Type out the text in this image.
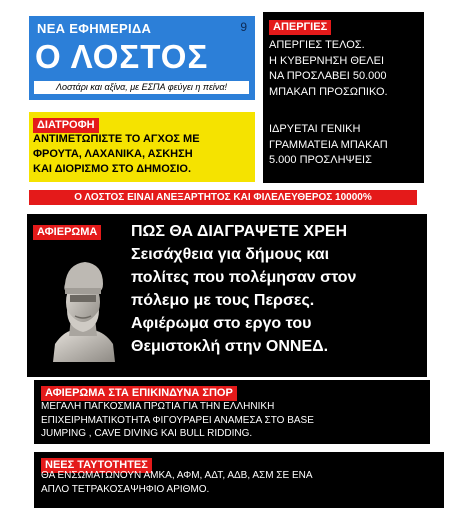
ΝΕΑ ΕΦΗΜΕΡΙΔΑ	9
Ο ΛΟΣΤΟΣ
Λοστάρι και αξίνα, με ΕΣΠΑ φεύγει η πείνα!
ΑΠΕΡΓΙΕΣ
ΑΠΕΡΓΙΕΣ ΤΕΛΟΣ.
Η ΚΥΒΕΡΝΗΣΗ ΘΕΛΕΙ
ΝΑ ΠΡΟΣΛΑΒΕΙ 50.000
ΜΠΑΚΑΠ ΠΡΟΣΩΠΙΚΟ.
ΙΔΡΥΕΤΑΙ ΓΕΝΙΚΗ
ΓΡΑΜΜΑΤΕΙΑ ΜΠΑΚΑΠ
5.000 ΠΡΟΣΛΗΨΕΙΣ
ΔΙΑΤΡΟΦΗ
ΑΝΤΙΜΕΤΩΠΙΣΤΕ ΤΟ ΑΓΧΟΣ ΜΕ
ΦΡΟΥΤΑ, ΛΑΧΑΝΙΚΑ, ΑΣΚΗΣΗ
ΚΑΙ ΔΙΟΡΙΣΜΟ ΣΤΟ ΔΗΜΟΣΙΟ.
Ο ΛΟΣΤΟΣ ΕΙΝΑΙ ΑΝΕΞΑΡΤΗΤΟΣ ΚΑΙ ΦΙΛΕΛΕΥΘΕΡΟΣ 10000%
ΑΦΙΕΡΩΜΑ ΠΩΣ ΘΑ ΔΙΑΓΡΑΨΕΤΕ ΧΡΕΗ
Σεισάχθεια για δήμους και
πολίτες που πολέμησαν στον
πόλεμο με τους Περσες.
Αφιέρωμα στο εργο του
Θεμιστοκλή στην ΟΝΝΕΔ.
ΑΦΙΕΡΩΜΑ ΣΤΑ ΕΠΙΚΙΝΔΥΝΑ ΣΠΟΡ
ΜΕΓΑΛΗ ΠΑΓΚΟΣΜΙΑ ΠΡΩΤΙΑ ΓΙΑ ΤΗΝ ΕΛΛΗΝΙΚΗ
ΕΠΙΧΕΙΡΗΜΑΤΙΚΟΤΗΤΑ ΦΙΓΟΥΡΑΡΕΙ ΑΝΑΜΕΣΑ ΣΤΟ BASE
JUMPING , CAVE DIVING ΚΑΙ BULL RIDDING.
ΝΕΕΣ ΤΑΥΤΟΤΗΤΕΣ
ΘΑ ΕΝΣΩΜΑΤΩΝΟΥΝ ΑΜΚΑ, ΑΦΜ, ΑΔΤ, ΑΔΒ, ΑΣΜ ΣΕ ΕΝΑ
ΑΠΛΟ ΤΕΤΡΑΚΟΣΑΨΗΦΙΟ ΑΡΙΘΜΟ.
